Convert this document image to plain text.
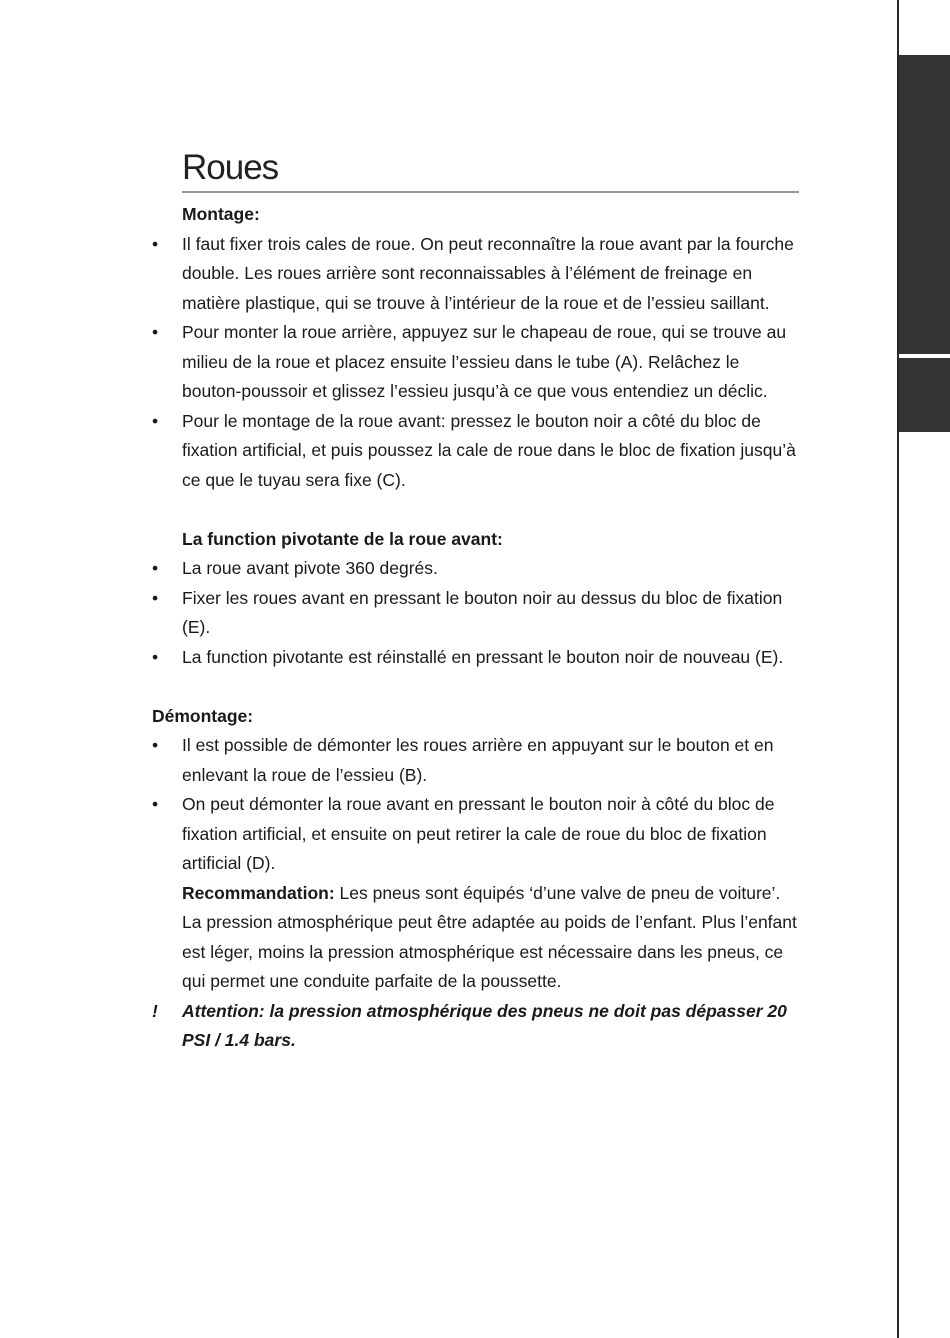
Roues

Montage:

•	Il faut fixer trois cales de roue. On peut reconnaître la roue avant par la fourche double. Les roues arrière sont reconnaissables à l’élément de freinage en matière plastique, qui se trouve à l’intérieur de la roue et de l’essieu saillant.
•	Pour monter la roue arrière, appuyez sur le chapeau de roue, qui se trouve au milieu de la roue et placez ensuite l’essieu dans le tube (A). Relâchez le bouton-poussoir et glissez l’essieu jusqu’à ce que vous entendiez un déclic.
•	Pour le montage de la roue avant: pressez le bouton noir a côté du bloc de fixation artificial, et puis poussez la cale de roue dans le bloc de fixation jusqu’à ce que le tuyau sera fixe (C).

La function pivotante de la roue avant:

•	La roue avant pivote 360 degrés.
•	Fixer les roues avant en pressant le bouton noir au dessus du bloc de fixation (E).
•	La function pivotante est réinstallé en pressant le bouton noir de nouveau (E).

Démontage:

•	Il est possible de démonter les roues arrière en appuyant sur le bouton et en enlevant la roue de l’essieu (B).
•	On peut démonter la roue avant en pressant le bouton noir à côté du bloc de fixation artificial, et ensuite on peut retirer la cale de roue du bloc de fixation artificial (D).
Recommandation: Les pneus sont équipés ‘d’une valve de pneu de voiture’. La pression atmosphérique peut être adaptée au poids de l’enfant. Plus l’enfant est léger, moins la pression atmosphérique est nécessaire dans les pneus, ce qui permet une conduite parfaite de la poussette.
! Attention: la pression atmosphérique des pneus ne doit pas dépasser 20 PSI / 1.4 bars.
